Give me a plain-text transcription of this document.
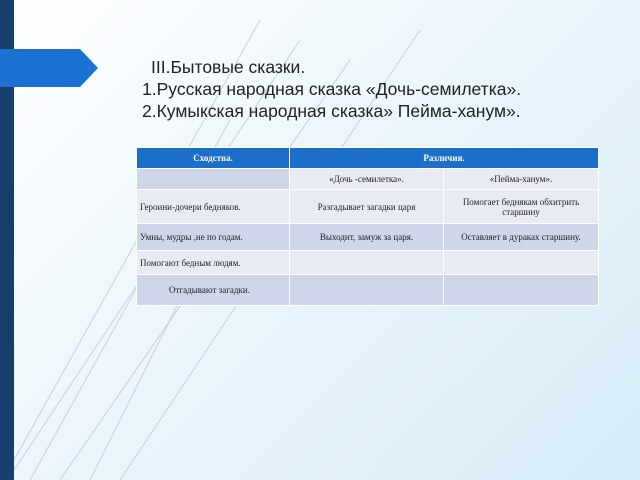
III.Бытовые сказки.
1.Русская народная сказка «Дочь-семилетка».
2.Кумыкская народная сказка» Пейма-ханум».
Сходства.	Различия.	
	«Дочь -семилетка».	«Пейма-ханум».
Героини-дочери бедняков.	Разгадывает загадки царя	Помогает беднякам обхитрить старшину
Умны, мудры ,не по годам.	Выходит, замуж за царя.	Оставляет в дураках старшину.
Помогают бедным людям.		
Отгадывают загадки.		
